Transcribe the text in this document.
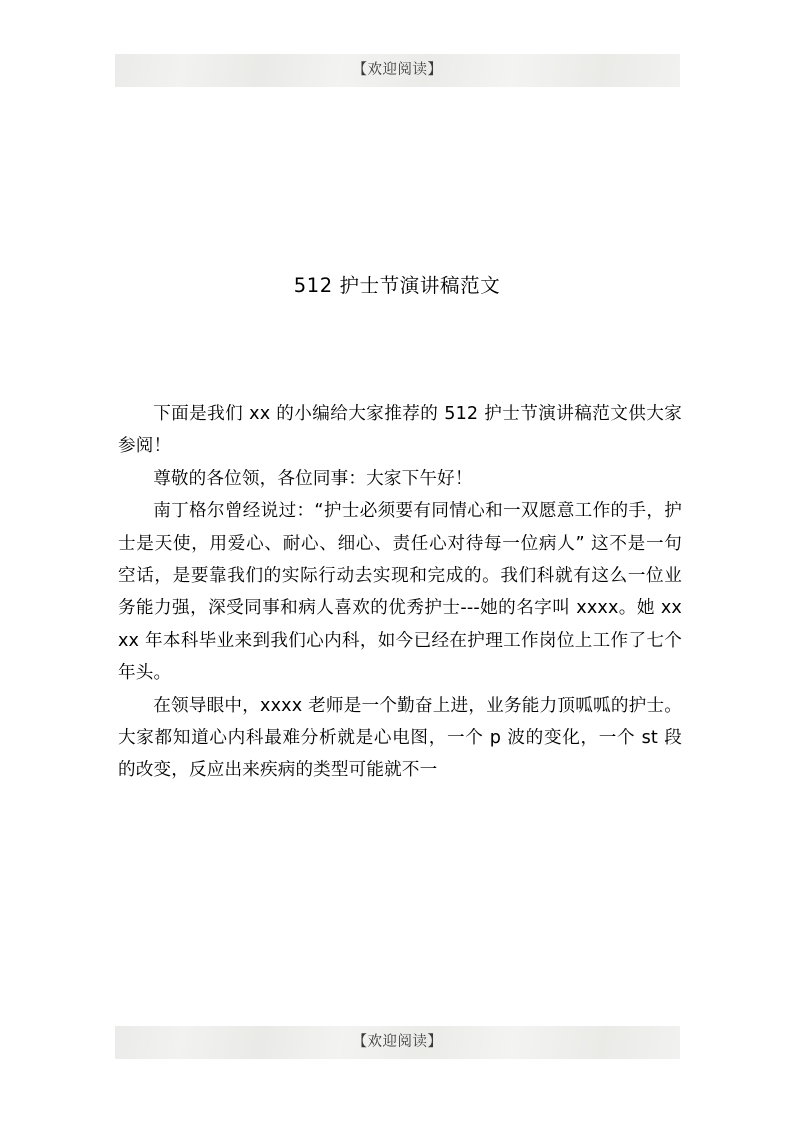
【欢迎阅读】
512 护士节演讲稿范文

下面是我们 xx 的小编给大家推荐的 512 护士节演讲稿范文供大家参阅！

尊敬的各位领，各位同事：大家下午好！

南丁格尔曾经说过：“护士必须要有同情心和一双愿意工作的手，护士是天使，用爱心、耐心、细心、责任心对待每一位病人” 这不是一句空话，是要靠我们的实际行动去实现和完成的。我们科就有这么一位业务能力强，深受同事和病人喜欢的优秀护士---她的名字叫 xxxx。她 xxxx 年本科毕业来到我们心内科，如今已经在护理工作岗位上工作了七个年头。

在领导眼中，xxxx 老师是一个勤奋上进，业务能力顶呱呱的护士。大家都知道心内科最难分析就是心电图，一个 p 波的变化，一个 st 段的改变，反应出来疾病的类型可能就不一

【欢迎阅读】
